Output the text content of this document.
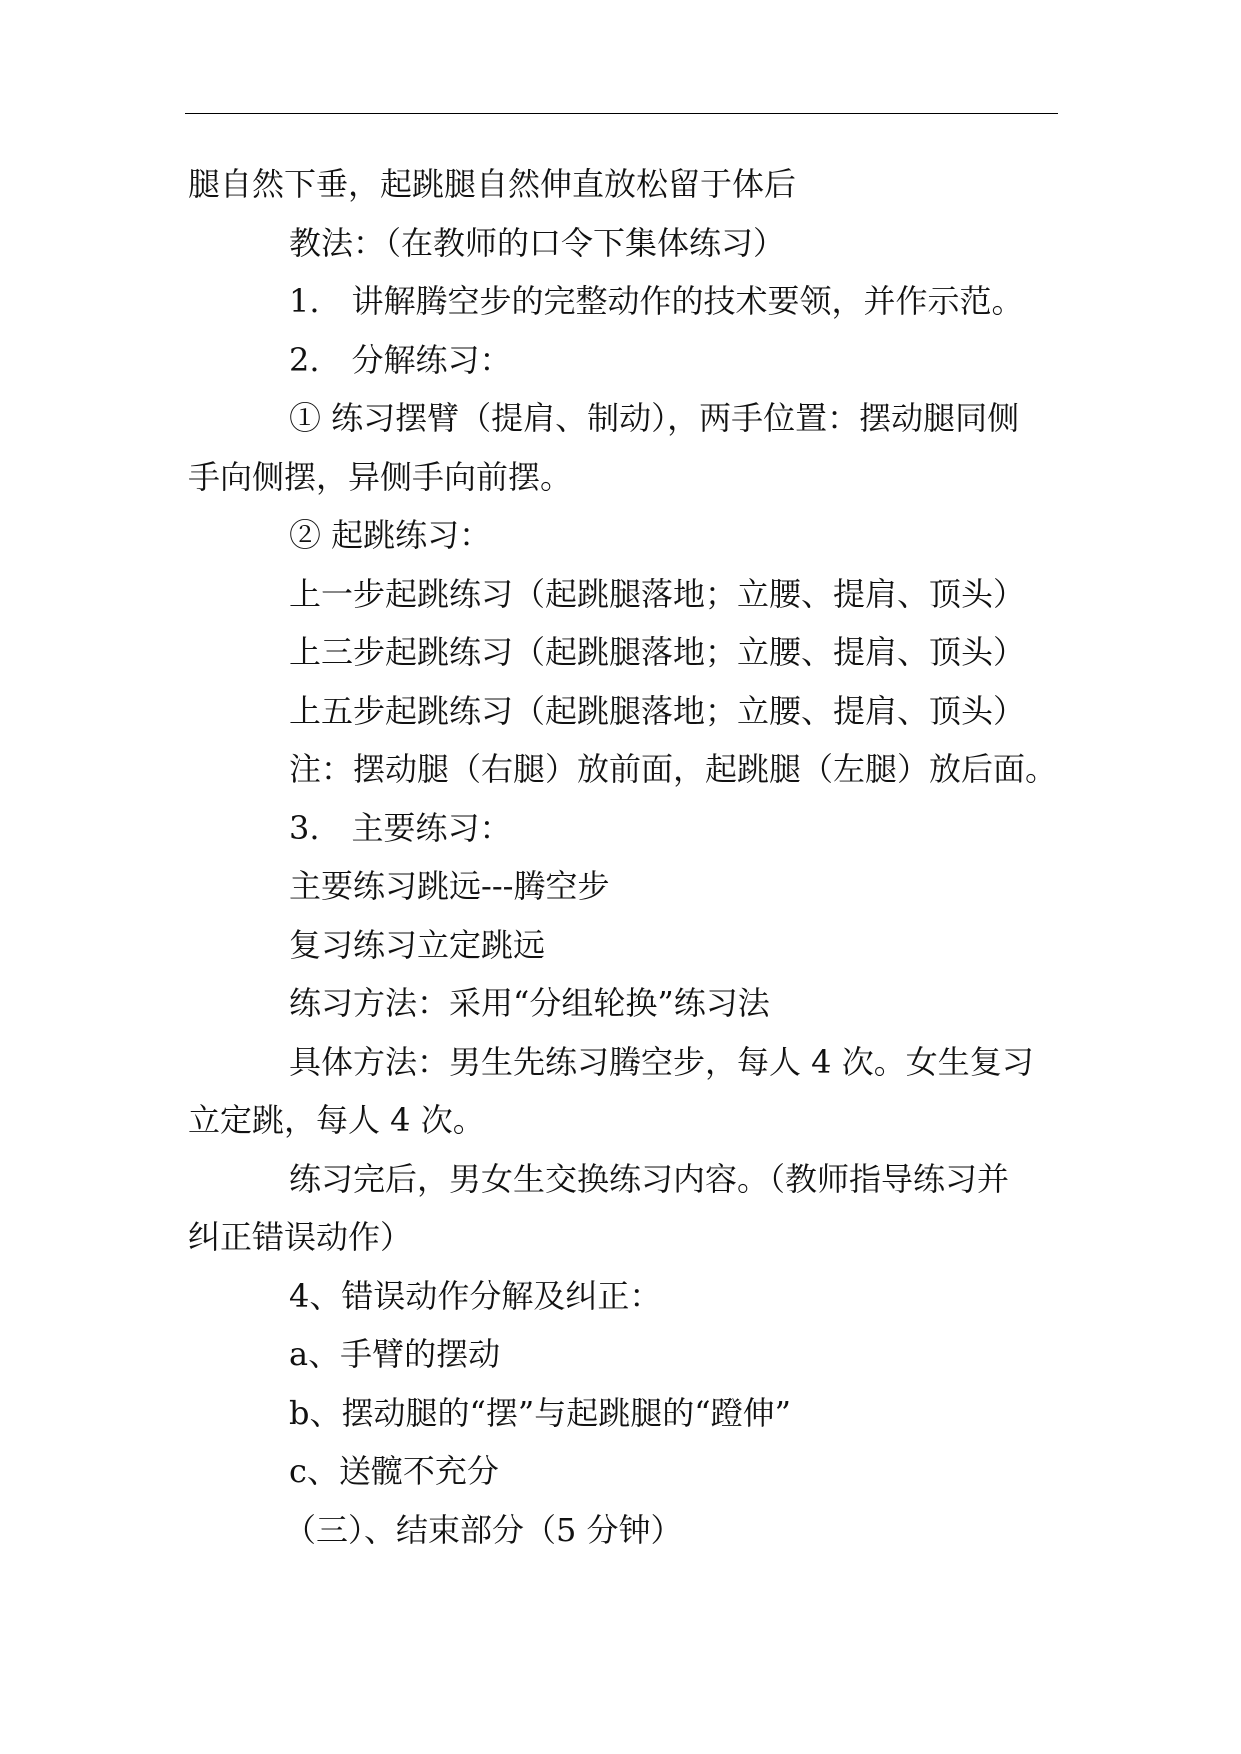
腿自然下垂，起跳腿自然伸直放松留于体后

教法：（在教师的口令下集体练习）

1.　讲解腾空步的完整动作的技术要领，并作示范。

2.　分解练习：

① 练习摆臂（提肩、制动），两手位置：摆动腿同侧

手向侧摆，异侧手向前摆。

② 起跳练习：

上一步起跳练习（起跳腿落地；立腰、提肩、顶头）

上三步起跳练习（起跳腿落地；立腰、提肩、顶头）

上五步起跳练习（起跳腿落地；立腰、提肩、顶头）

注：摆动腿（右腿）放前面，起跳腿（左腿）放后面。

3.　主要练习：

主要练习跳远---腾空步

复习练习立定跳远

练习方法：采用“分组轮换”练习法

具体方法：男生先练习腾空步，每人 4 次。女生复习

立定跳，每人 4 次。

练习完后，男女生交换练习内容。（教师指导练习并

纠正错误动作）

4、错误动作分解及纠正：

a、手臂的摆动

b、摆动腿的“摆”与起跳腿的“蹬伸”

c、送髋不充分

（三）、结束部分（5 分钟）
